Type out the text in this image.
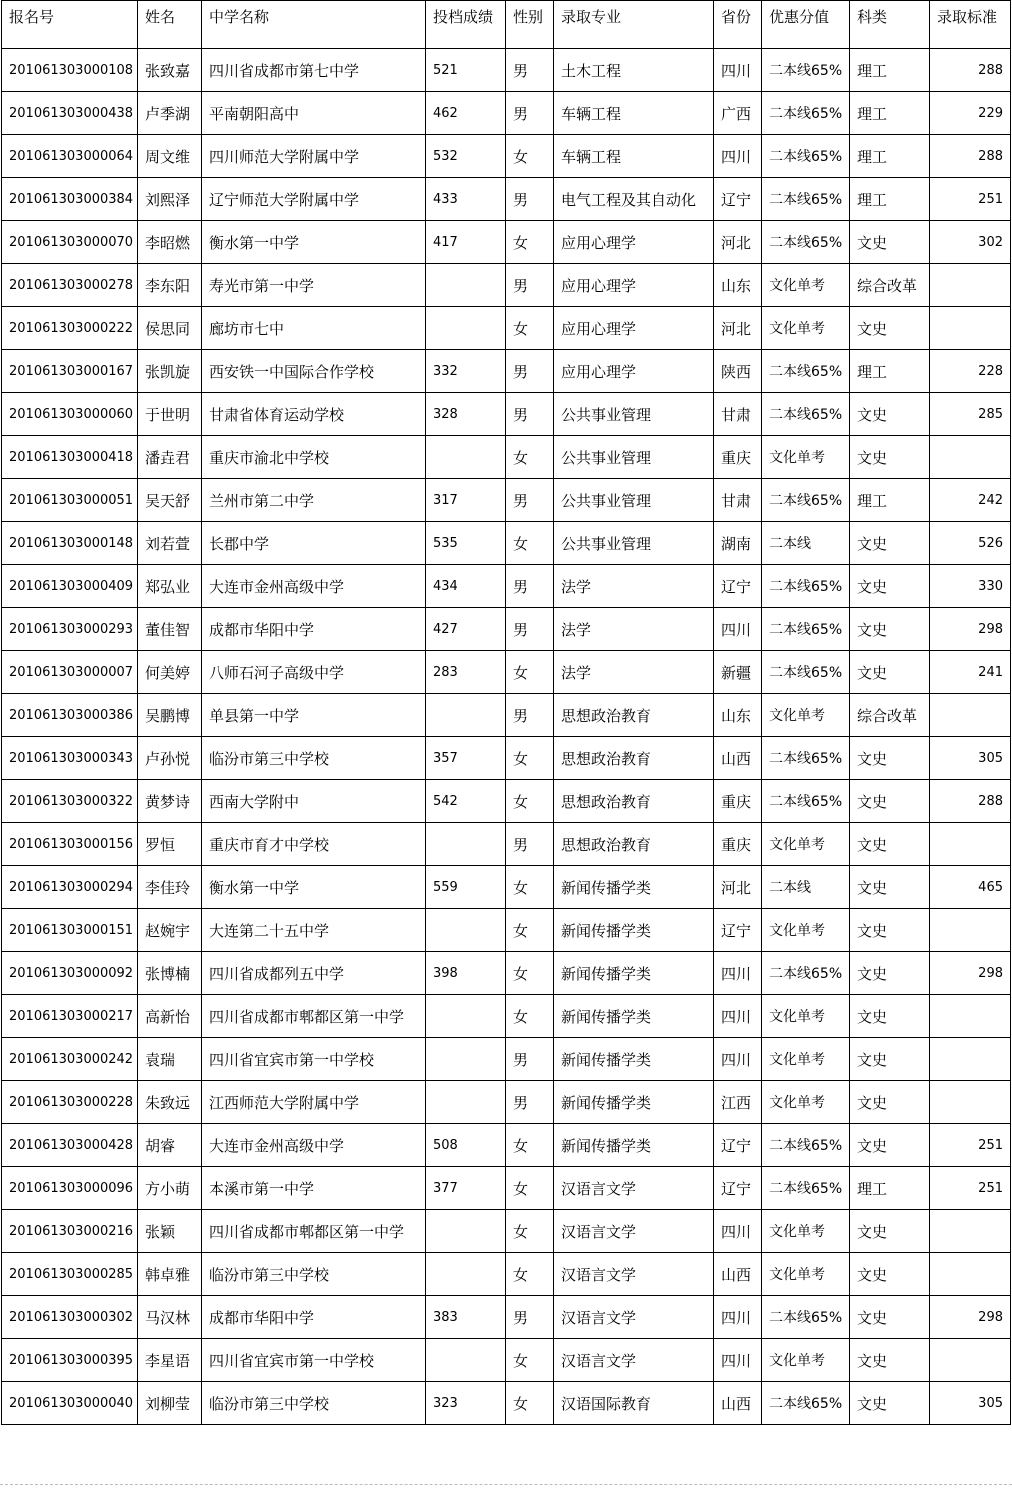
报名号	姓名	中学名称	投档成绩	性别	录取专业	省份	优惠分值	科类	录取标准
201061303000108	张致嘉	四川省成都市第七中学	521	男	土木工程	四川	二本线65%	理工	288
201061303000438	卢季湖	平南朝阳高中	462	男	车辆工程	广西	二本线65%	理工	229
201061303000064	周文维	四川师范大学附属中学	532	女	车辆工程	四川	二本线65%	理工	288
201061303000384	刘熙泽	辽宁师范大学附属中学	433	男	电气工程及其自动化	辽宁	二本线65%	理工	251
201061303000070	李昭燃	衡水第一中学	417	女	应用心理学	河北	二本线65%	文史	302
201061303000278	李东阳	寿光市第一中学		男	应用心理学	山东	文化单考	综合改革	
201061303000222	侯思同	廊坊市七中		女	应用心理学	河北	文化单考	文史	
201061303000167	张凯旋	西安铁一中国际合作学校	332	男	应用心理学	陕西	二本线65%	理工	228
201061303000060	于世明	甘肃省体育运动学校	328	男	公共事业管理	甘肃	二本线65%	文史	285
201061303000418	潘垚君	重庆市渝北中学校		女	公共事业管理	重庆	文化单考	文史	
201061303000051	吴天舒	兰州市第二中学	317	男	公共事业管理	甘肃	二本线65%	理工	242
201061303000148	刘若萱	长郡中学	535	女	公共事业管理	湖南	二本线	文史	526
201061303000409	郑弘业	大连市金州高级中学	434	男	法学	辽宁	二本线65%	文史	330
201061303000293	董佳智	成都市华阳中学	427	男	法学	四川	二本线65%	文史	298
201061303000007	何美婷	八师石河子高级中学	283	女	法学	新疆	二本线65%	文史	241
201061303000386	吴鹏博	单县第一中学		男	思想政治教育	山东	文化单考	综合改革	
201061303000343	卢孙悦	临汾市第三中学校	357	女	思想政治教育	山西	二本线65%	文史	305
201061303000322	黄梦诗	西南大学附中	542	女	思想政治教育	重庆	二本线65%	文史	288
201061303000156	罗恒	重庆市育才中学校		男	思想政治教育	重庆	文化单考	文史	
201061303000294	李佳玲	衡水第一中学	559	女	新闻传播学类	河北	二本线	文史	465
201061303000151	赵婉宇	大连第二十五中学		女	新闻传播学类	辽宁	文化单考	文史	
201061303000092	张博楠	四川省成都列五中学	398	女	新闻传播学类	四川	二本线65%	文史	298
201061303000217	高新怡	四川省成都市郫都区第一中学		女	新闻传播学类	四川	文化单考	文史	
201061303000242	袁瑞	四川省宜宾市第一中学校		男	新闻传播学类	四川	文化单考	文史	
201061303000228	朱致远	江西师范大学附属中学		男	新闻传播学类	江西	文化单考	文史	
201061303000428	胡睿	大连市金州高级中学	508	女	新闻传播学类	辽宁	二本线65%	文史	251
201061303000096	方小萌	本溪市第一中学	377	女	汉语言文学	辽宁	二本线65%	理工	251
201061303000216	张颖	四川省成都市郫都区第一中学		女	汉语言文学	四川	文化单考	文史	
201061303000285	韩卓雅	临汾市第三中学校		女	汉语言文学	山西	文化单考	文史	
201061303000302	马汉林	成都市华阳中学	383	男	汉语言文学	四川	二本线65%	文史	298
201061303000395	李星语	四川省宜宾市第一中学校		女	汉语言文学	四川	文化单考	文史	
201061303000040	刘柳莹	临汾市第三中学校	323	女	汉语国际教育	山西	二本线65%	文史	305
